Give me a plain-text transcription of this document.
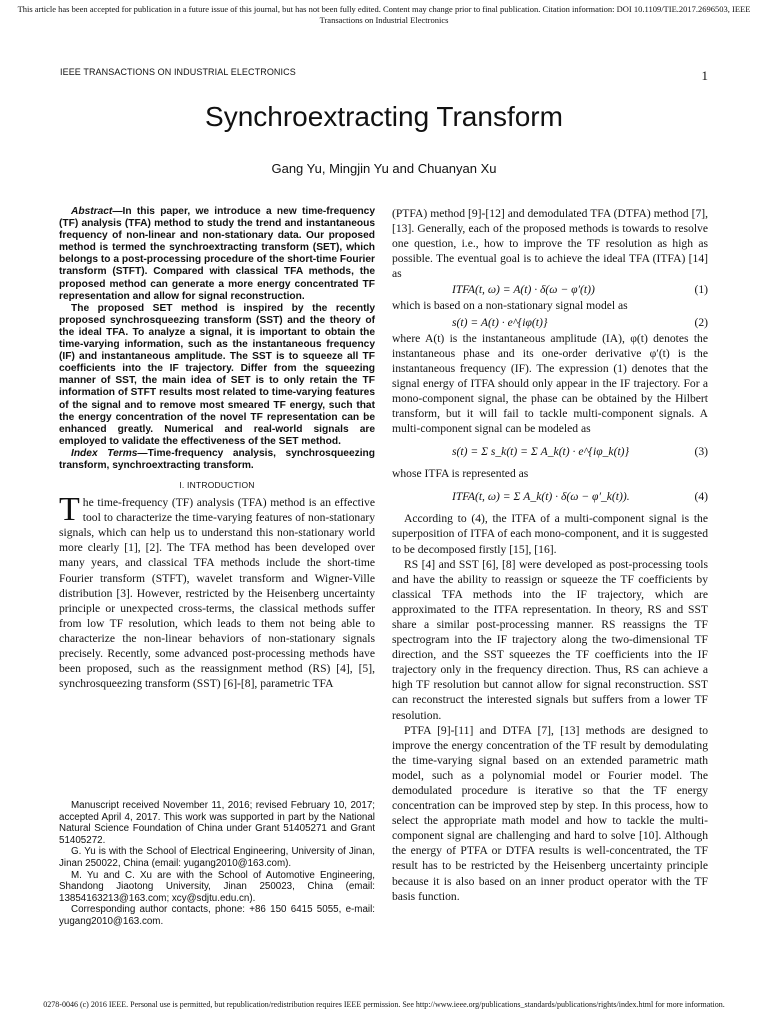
This article has been accepted for publication in a future issue of this journal, but has not been fully edited. Content may change prior to final publication. Citation information: DOI 10.1109/TIE.2017.2696503, IEEE Transactions on Industrial Electronics
IEEE TRANSACTIONS ON INDUSTRIAL ELECTRONICS	1
Synchroextracting Transform
Gang Yu, Mingjin Yu and Chuanyan Xu

Abstract—In this paper, we introduce a new time-frequency (TF) analysis (TFA) method to study the trend and instantaneous frequency of non-linear and non-stationary data. Our proposed method is termed the synchroextracting transform (SET), which belongs to a post-processing procedure of the short-time Fourier transform (STFT). Compared with classical TFA methods, the proposed method can generate a more energy concentrated TF representation and allow for signal reconstruction.

The proposed SET method is inspired by the recently proposed synchrosqueezing transform (SST) and the theory of the ideal TFA. To analyze a signal, it is important to obtain the time-varying information, such as the instantaneous frequency (IF) and instantaneous amplitude. The SST is to squeeze all TF coefficients into the IF trajectory. Differ from the squeezing manner of SST, the main idea of SET is to only retain the TF information of STFT results most related to time-varying features of the signal and to remove most smeared TF energy, such that the energy concentration of the novel TF representation can be enhanced greatly. Numerical and real-world signals are employed to validate the effectiveness of the SET method.

Index Terms—Time-frequency analysis, synchrosqueezing transform, synchroextracting transform.

I. INTRODUCTION

The time-frequency (TF) analysis (TFA) method is an effective tool to characterize the time-varying features of non-stationary signals, which can help us to understand this non-stationary world more clearly [1], [2]. The TFA method has been developed over many years, and classical TFA methods include the short-time Fourier transform (STFT), wavelet transform and Wigner-Ville distribution [3]. However, restricted by the Heisenberg uncertainty principle or unexpected cross-terms, the classical methods suffer from low TF resolution, which leads to them not being able to characterize the non-linear behaviors of non-stationary signals precisely. Recently, some advanced post-processing methods have been proposed, such as the reassignment method (RS) [4], [5], synchrosqueezing transform (SST) [6]-[8], parametric TFA

Manuscript received November 11, 2016; revised February 10, 2017; accepted April 4, 2017. This work was supported in part by the National Natural Science Foundation of China under Grant 51405271 and Grant 51405272.

G. Yu is with the School of Electrical Engineering, University of Jinan, Jinan 250022, China (email: yugang2010@163.com).

M. Yu and C. Xu are with the School of Automotive Engineering, Shandong Jiaotong University, Jinan 250023, China (email: 13854163213@163.com; xcy@sdjtu.edu.cn).

Corresponding author contacts, phone: +86 150 6415 5055, e-mail: yugang2010@163.com.

(PTFA) method [9]-[12] and demodulated TFA (DTFA) method [7], [13]. Generally, each of the proposed methods is towards to resolve one question, i.e., how to improve the TF resolution as high as possible. The eventual goal is to achieve the ideal TFA (ITFA) [14] as

ITFA(t, ω) = A(t) · δ(ω − φ′(t))	(1)

which is based on a non-stationary signal model as

s(t) = A(t) · e^{iφ(t)}	(2)

where A(t) is the instantaneous amplitude (IA), φ(t) denotes the instantaneous phase and its one-order derivative φ′(t) is the instantaneous frequency (IF). The expression (1) denotes that the signal energy of ITFA should only appear in the IF trajectory. For a mono-component signal, the phase can be obtained by the Hilbert transform, but it will fail to tackle multi-component signals. A multi-component signal can be modeled as

s(t) = Σ s_k(t) = Σ A_k(t) · e^{iφ_k(t)}	(3)

whose ITFA is represented as

ITFA(t, ω) = Σ A_k(t) · δ(ω − φ′_k(t)).	(4)

According to (4), the ITFA of a multi-component signal is the superposition of ITFA of each mono-component, and it is suggested to be decomposed firstly [15], [16].

RS [4] and SST [6], [8] were developed as post-processing tools and have the ability to reassign or squeeze the TF coefficients by classical TFA methods into the IF trajectory, which are approximated to the ITFA representation. In theory, RS and SST share a similar post-processing manner. RS reassigns the TF spectrogram into the IF trajectory along the two-dimensional TF direction, and the SST squeezes the TF coefficients into the IF trajectory only in the frequency direction. Thus, RS can achieve a high TF resolution but cannot allow for signal reconstruction. SST can reconstruct the interested signals but suffers from a lower TF resolution.

PTFA [9]-[11] and DTFA [7], [13] methods are designed to improve the energy concentration of the TF result by demodulating the time-varying signal based on an extended parametric math model, such as a polynomial model or Fourier model. The demodulated procedure is iterative so that the TF energy concentration can be improved step by step. In this process, how to select the appropriate math model and how to tackle the multi-component signal are challenging and hard to solve [10]. Although the energy of PTFA or DTFA results is well-concentrated, the TF result has to be restricted by the Heisenberg uncertainty principle because it is also based on an inner product operator with the TF basis function.

0278-0046 (c) 2016 IEEE. Personal use is permitted, but republication/redistribution requires IEEE permission. See http://www.ieee.org/publications_standards/publications/rights/index.html for more information.
